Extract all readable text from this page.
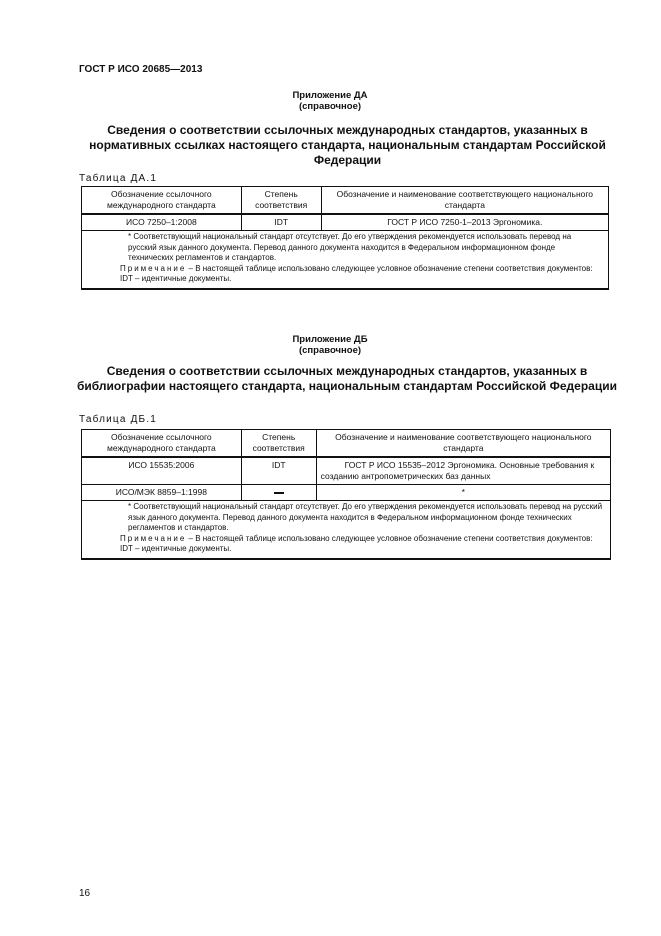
ГОСТ Р ИСО 20685—2013
Приложение ДА
(справочное)
Сведения о соответствии ссылочных международных стандартов, указанных в нормативных ссылках настоящего стандарта, национальным стандартам Российской Федерации
Таблица ДА.1
Обозначение ссылочного международного стандарта	Степень соответствия	Обозначение и наименование соответствующего национального стандарта
ИСО 7250–1:2008	IDT	ГОСТ Р ИСО 7250-1–2013 Эргономика.

* Соответствующий национальный стандарт отсутствует. До его утверждения рекомендуется использовать перевод на русский язык данного документа. Перевод данного документа находится в Федеральном информационном фонде технических регламентов и стандартов.
Примечание – В настоящей таблице использовано следующее условное обозначение степени соответствия документов:
IDT – идентичные документы.		
Приложение ДБ
(справочное)
Сведения о соответствии ссылочных международных стандартов, указанных в библиографии настоящего стандарта, национальным стандартам Российской Федерации
Таблица ДБ.1
Обозначение ссылочного международного стандарта	Степень соответствия	Обозначение и наименование соответствующего национального стандарта
ИСО 15535:2006	IDT	ГОСТ Р ИСО 15535–2012 Эргономика. Основные требования к созданию антропометрических баз данных
ИСО/МЭК 8859–1:1998		*

* Соответствующий национальный стандарт отсутствует. До его утверждения рекомендуется использовать перевод на русский язык данного документа. Перевод данного документа находится в Федеральном информационном фонде технических регламентов и стандартов.
Примечание – В настоящей таблице использовано следующее условное обозначение степени соответствия документов:
IDT – идентичные документы.		
16
